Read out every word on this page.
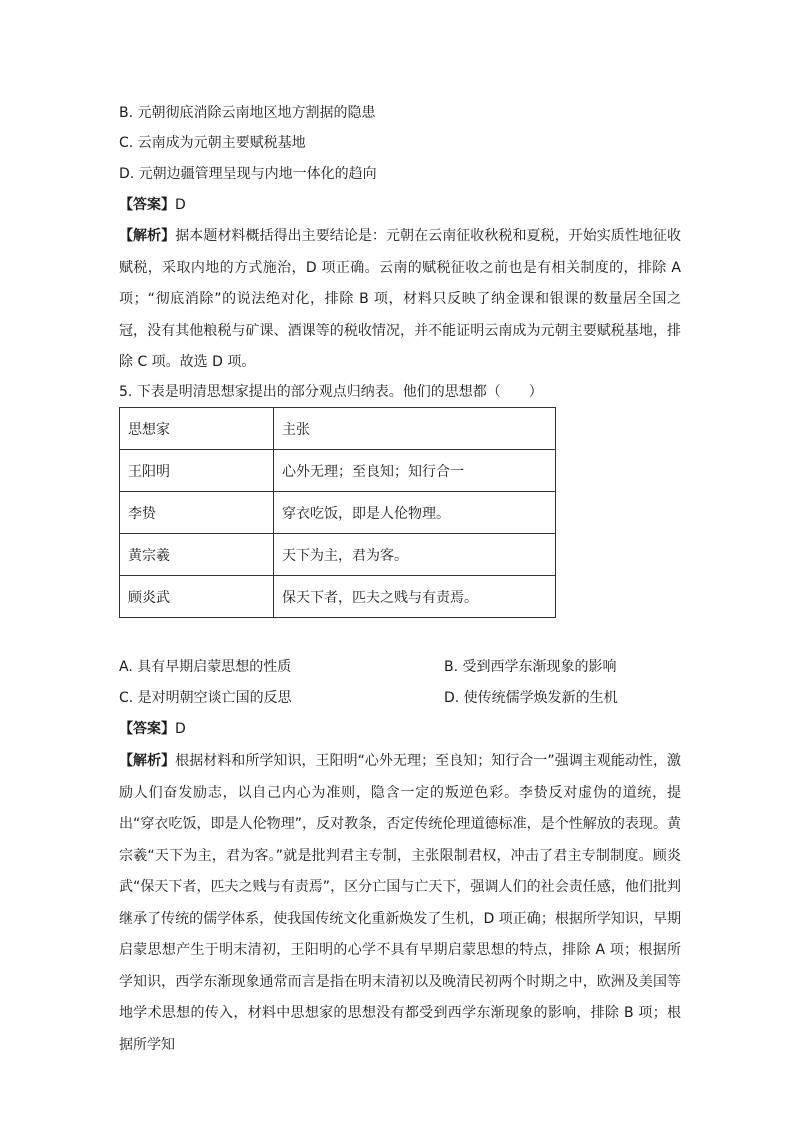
B. 元朝彻底消除云南地区地方割据的隐患
C. 云南成为元朝主要赋税基地
D. 元朝边疆管理呈现与内地一体化的趋向
【答案】D
【解析】据本题材料概括得出主要结论是：元朝在云南征收秋税和夏税，开始实质性地征收赋税，采取内地的方式施治，D 项正确。云南的赋税征收之前也是有相关制度的，排除 A 项；“彻底消除”的说法绝对化，排除 B 项，材料只反映了纳金课和银课的数量居全国之冠，没有其他粮税与矿课、酒课等的税收情况，并不能证明云南成为元朝主要赋税基地，排除 C 项。故选 D 项。
5. 下表是明清思想家提出的部分观点归纳表。他们的思想都（　　）
思想家	主张
王阳明	心外无理；至良知；知行合一
李贽	穿衣吃饭，即是人伦物理。
黄宗羲	天下为主，君为客。
顾炎武	保天下者，匹夫之贱与有责焉。
A. 具有早期启蒙思想的性质	B. 受到西学东渐现象的影响
C. 是对明朝空谈亡国的反思	D. 使传统儒学焕发新的生机
【答案】D
【解析】根据材料和所学知识，王阳明“心外无理；至良知；知行合一”强调主观能动性，激励人们奋发励志，以自己内心为准则，隐含一定的叛逆色彩。李贽反对虚伪的道统，提出“穿衣吃饭，即是人伦物理”，反对教条，否定传统伦理道德标准，是个性解放的表现。黄宗羲“天下为主，君为客。”就是批判君主专制，主张限制君权，冲击了君主专制制度。顾炎武“保天下者，匹夫之贱与有责焉”，区分亡国与亡天下，强调人们的社会责任感，他们批判继承了传统的儒学体系，使我国传统文化重新焕发了生机，D 项正确；根据所学知识，早期启蒙思想产生于明末清初，王阳明的心学不具有早期启蒙思想的特点，排除 A 项；根据所学知识，西学东渐现象通常而言是指在明末清初以及晚清民初两个时期之中，欧洲及美国等地学术思想的传入，材料中思想家的思想没有都受到西学东渐现象的影响，排除 B 项；根据所学知
